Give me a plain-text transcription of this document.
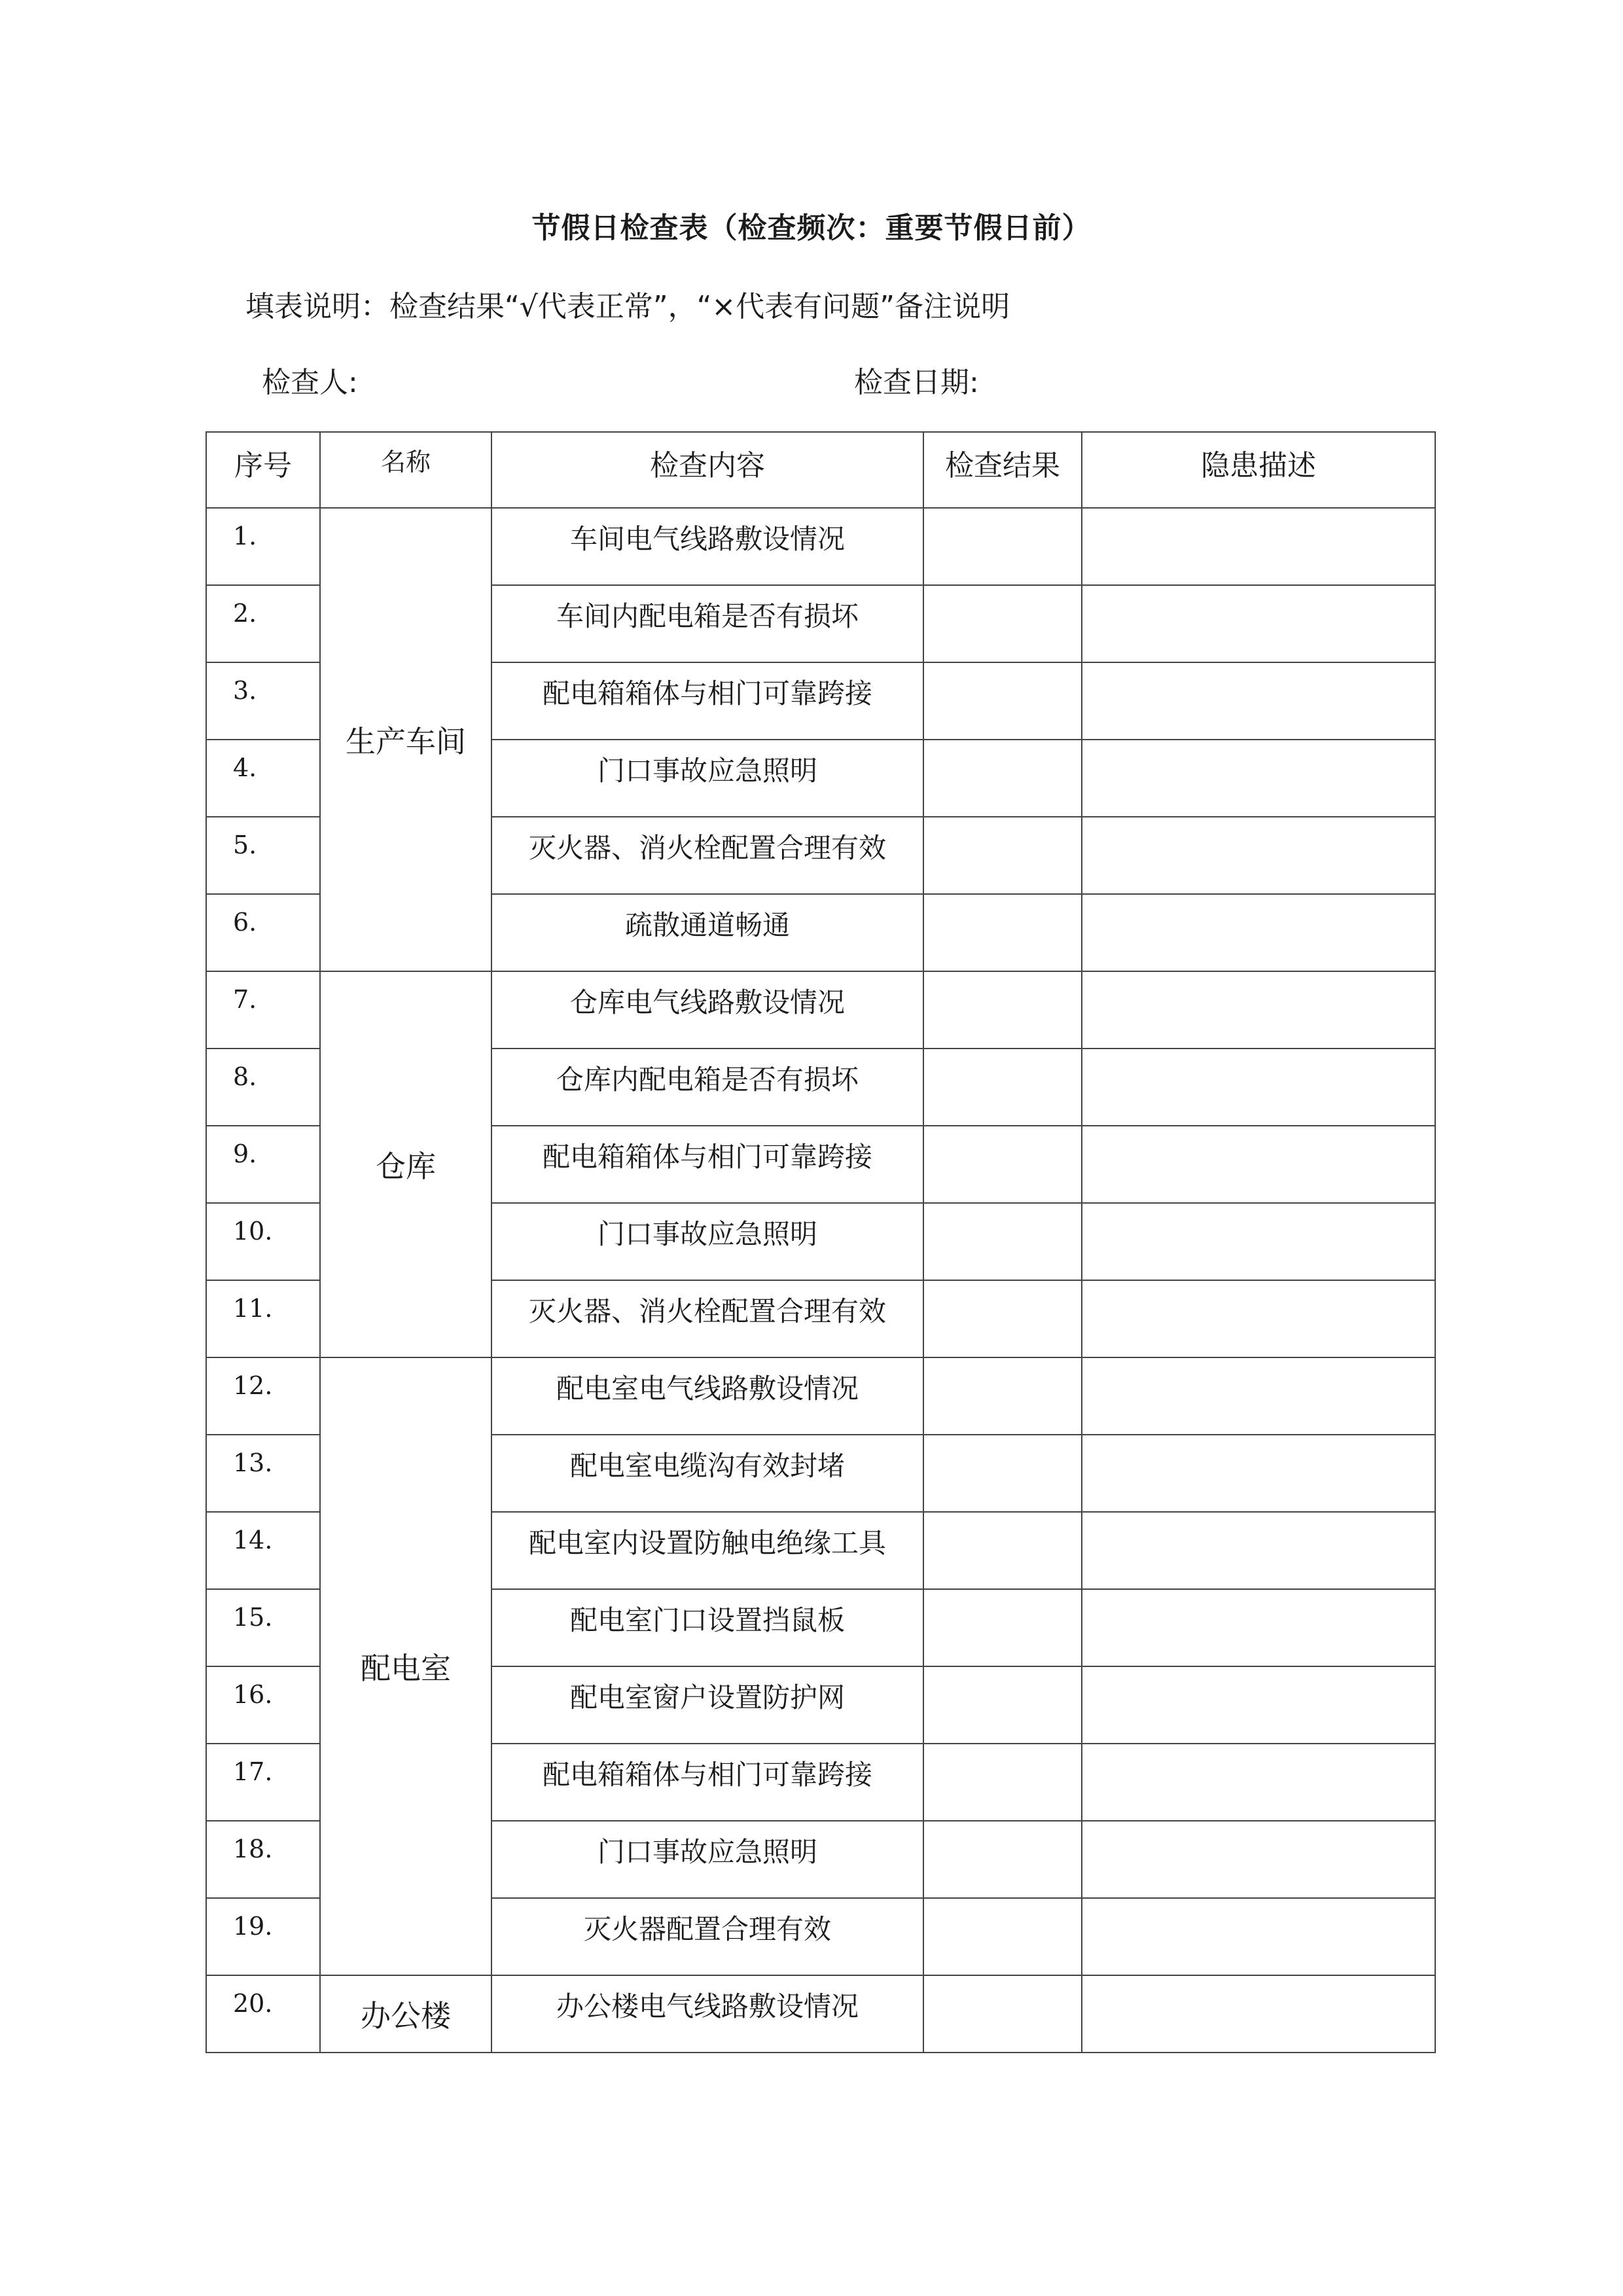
节假日检查表（检查频次：重要节假日前）
填表说明：检查结果“√代表正常”，“×代表有问题”备注说明
检查人:	检查日期:
序号	名称	检查内容	检查结果	隐患描述
1.	生产车间	车间电气线路敷设情况		
2.		车间内配电箱是否有损坏		
3.		配电箱箱体与相门可靠跨接		
4.		门口事故应急照明		
5.		灭火器、消火栓配置合理有效		
6.		疏散通道畅通		
7.	仓库	仓库电气线路敷设情况		
8.		仓库内配电箱是否有损坏		
9.		配电箱箱体与相门可靠跨接		
10.		门口事故应急照明		
11.		灭火器、消火栓配置合理有效		
12.	配电室	配电室电气线路敷设情况		
13.		配电室电缆沟有效封堵		
14.		配电室内设置防触电绝缘工具		
15.		配电室门口设置挡鼠板		
16.		配电室窗户设置防护网		
17.		配电箱箱体与相门可靠跨接		
18.		门口事故应急照明		
19.		灭火器配置合理有效		
20.	办公楼	办公楼电气线路敷设情况		
